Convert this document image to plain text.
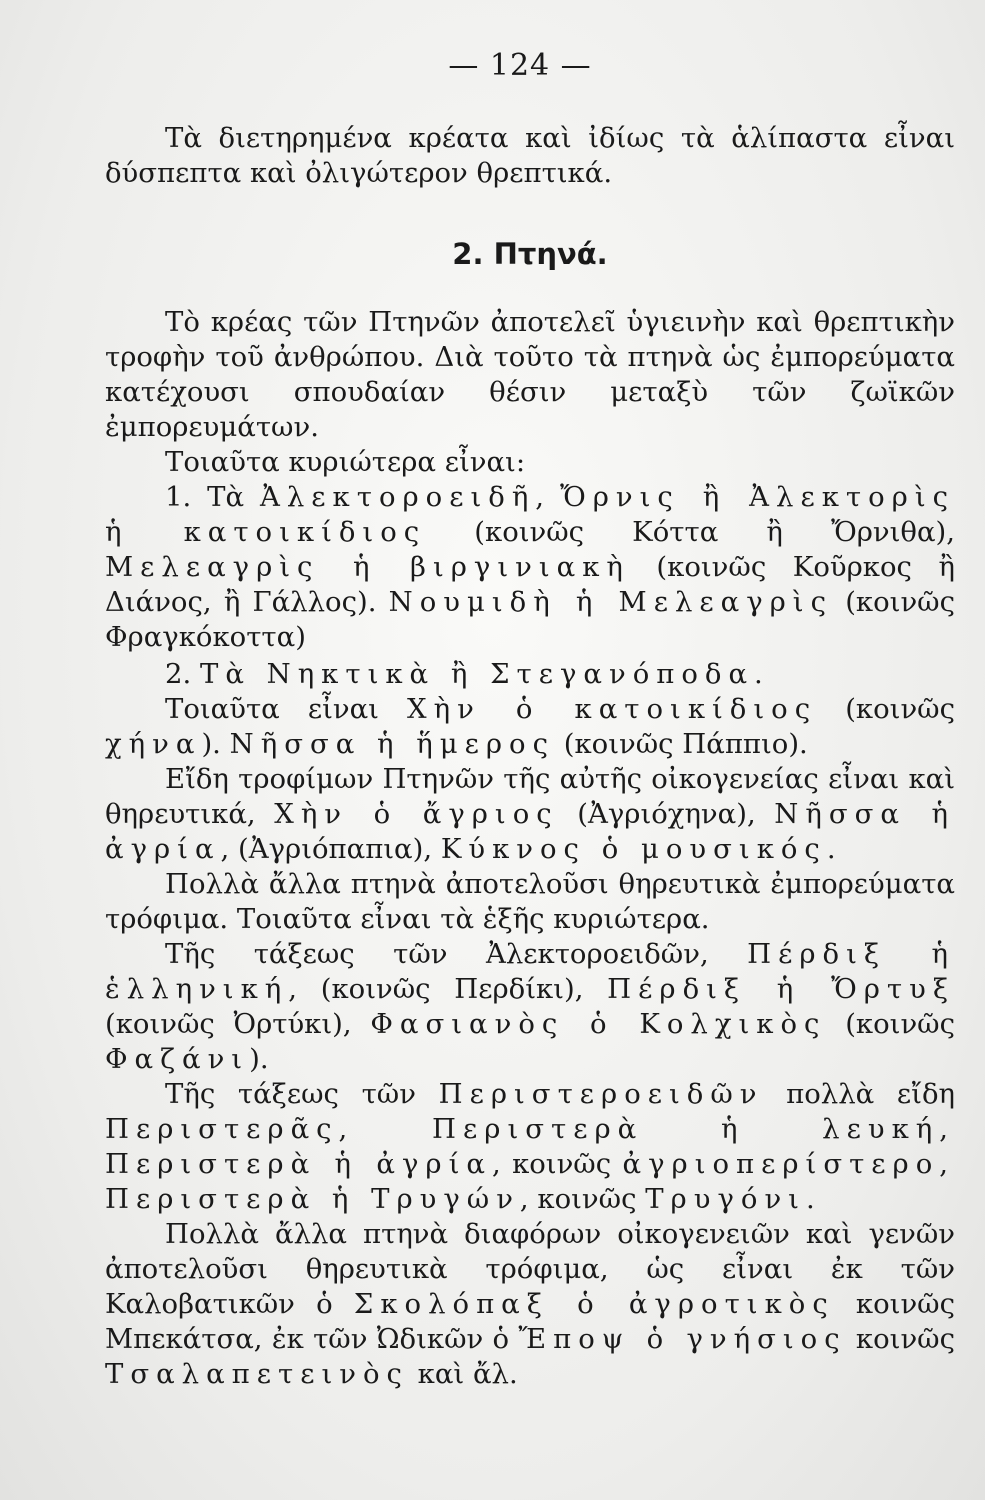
— 124 —

Τὰ διετηρημένα κρέατα καὶ ἰδίως τὰ ἁλίπαστα εἶναι δύσπεπτα καὶ ὀλιγώτερον θρεπτικά.

2. Πτηνά.

Τὸ κρέας τῶν Πτηνῶν ἀποτελεῖ ὑγιεινὴν καὶ θρεπτικὴν τροφὴν τοῦ ἀνθρώπου. Διὰ τοῦτο τὰ πτηνὰ ὡς ἐμπορεύματα κατέχουσι σπουδαίαν θέσιν μεταξὺ τῶν ζωϊκῶν ἐμπορευμάτων.

Τοιαῦτα κυριώτερα εἶναι:

1. Τὰ Ἀλεκτοροειδῆ, Ὄρνις ἢ Ἀλεκτορὶς ἡ κατοικίδιος (κοινῶς Κόττα ἢ Ὄρνιθα), Μελεαγρὶς ἡ βιργινιακὴ (κοινῶς Κοῦρκος ἢ Διάνος, ἢ Γάλλος). Νουμιδὴ ἡ Μελεαγρὶς (κοινῶς Φραγκόκοττα)

2. Τὰ Νηκτικὰ ἢ Στεγανόποδα.

Τοιαῦτα εἶναι Χὴν ὁ κατοικίδιος (κοινῶς χήνα). Νῆσσα ἡ ἥμερος (κοινῶς Πάππιο).

Εἴδη τροφίμων Πτηνῶν τῆς αὐτῆς οἰκογενείας εἶναι καὶ θηρευτικά, Χὴν ὁ ἄγριος (Ἀγριόχηνα), Νῆσσα ἡ ἀγρία, (Ἀγριόπαπια), Κύκνος ὁ μουσικός.

Πολλὰ ἄλλα πτηνὰ ἀποτελοῦσι θηρευτικὰ ἐμπορεύματα τρόφιμα. Τοιαῦτα εἶναι τὰ ἑξῆς κυριώτερα.

Τῆς τάξεως τῶν Ἀλεκτοροειδῶν, Πέρδιξ ἡ ἑλληνική, (κοινῶς Περδίκι), Πέρδιξ ἡ Ὄρτυξ (κοινῶς Ὀρτύκι), Φασιανὸς ὁ Κολχικὸς (κοινῶς Φαζάνι).

Τῆς τάξεως τῶν Περιστεροειδῶν πολλὰ εἴδη Περιστερᾶς, Περιστερὰ ἡ λευκή, Περιστερὰ ἡ ἀγρία, κοινῶς ἀγριοπερίστερο, Περιστερὰ ἡ Τρυγών, κοινῶς Τρυγόνι.

Πολλὰ ἄλλα πτηνὰ διαφόρων οἰκογενειῶν καὶ γενῶν ἀποτελοῦσι θηρευτικὰ τρόφιμα, ὡς εἶναι ἐκ τῶν Καλοβατικῶν ὁ Σκολόπαξ ὁ ἀγροτικὸς κοινῶς Μπεκάτσα, ἐκ τῶν Ὠδικῶν ὁ Ἔποψ ὁ γνήσιος κοινῶς Τσαλαπετεινὸς καὶ ἄλ.
